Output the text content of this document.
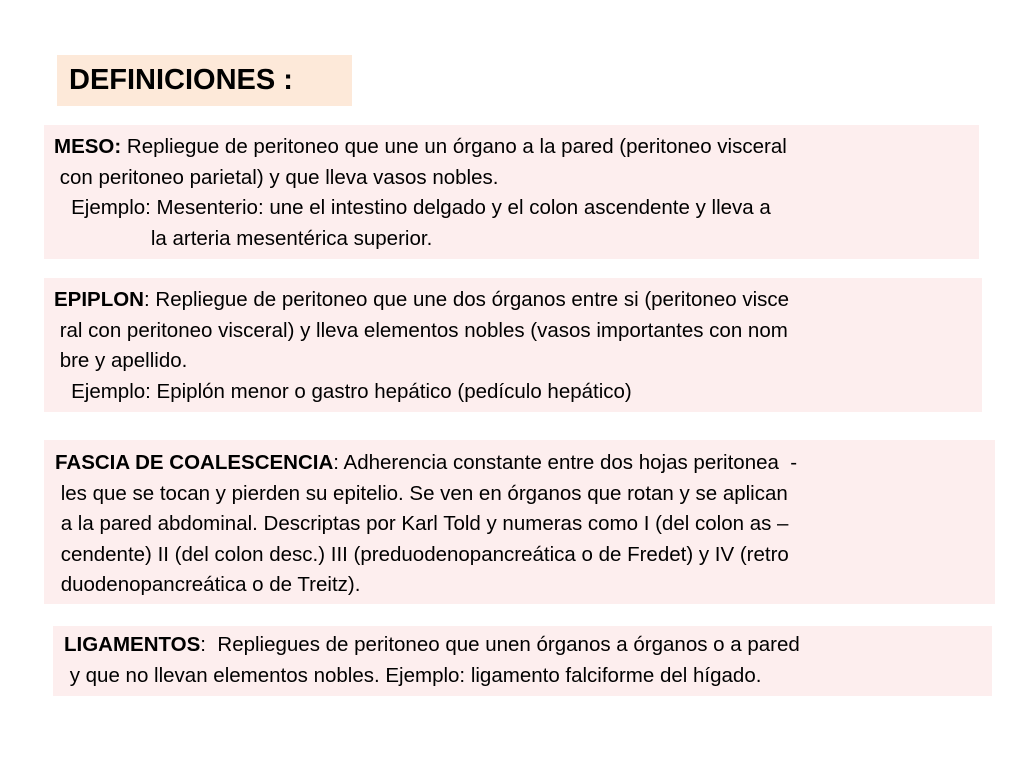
DEFINICIONES :
MESO: Repliegue de peritoneo que une un órgano a la pared (peritoneo visceral
con peritoneo parietal) y que lleva vasos nobles.
Ejemplo: Mesenterio: une el intestino delgado y el colon ascendente y lleva a
la arteria mesentérica superior.
EPIPLON: Repliegue de peritoneo que une dos órganos entre si (peritoneo visce
ral con peritoneo visceral) y lleva elementos nobles (vasos importantes con nom
bre y apellido.
Ejemplo: Epiplón menor o gastro hepático (pedículo hepático)
FASCIA DE COALESCENCIA: Adherencia constante entre dos hojas peritonea  -
les que se tocan y pierden su epitelio. Se ven en órganos que rotan y se aplican
a la pared abdominal. Descriptas por Karl Told y numeras como I (del colon as –
cendente) II (del colon desc.) III (preduodenopancreática o de Fredet) y IV (retro
duodenopancreática o de Treitz).
LIGAMENTOS:  Repliegues de peritoneo que unen órganos a órganos o a pared
y que no llevan elementos nobles. Ejemplo: ligamento falciforme del hígado.
